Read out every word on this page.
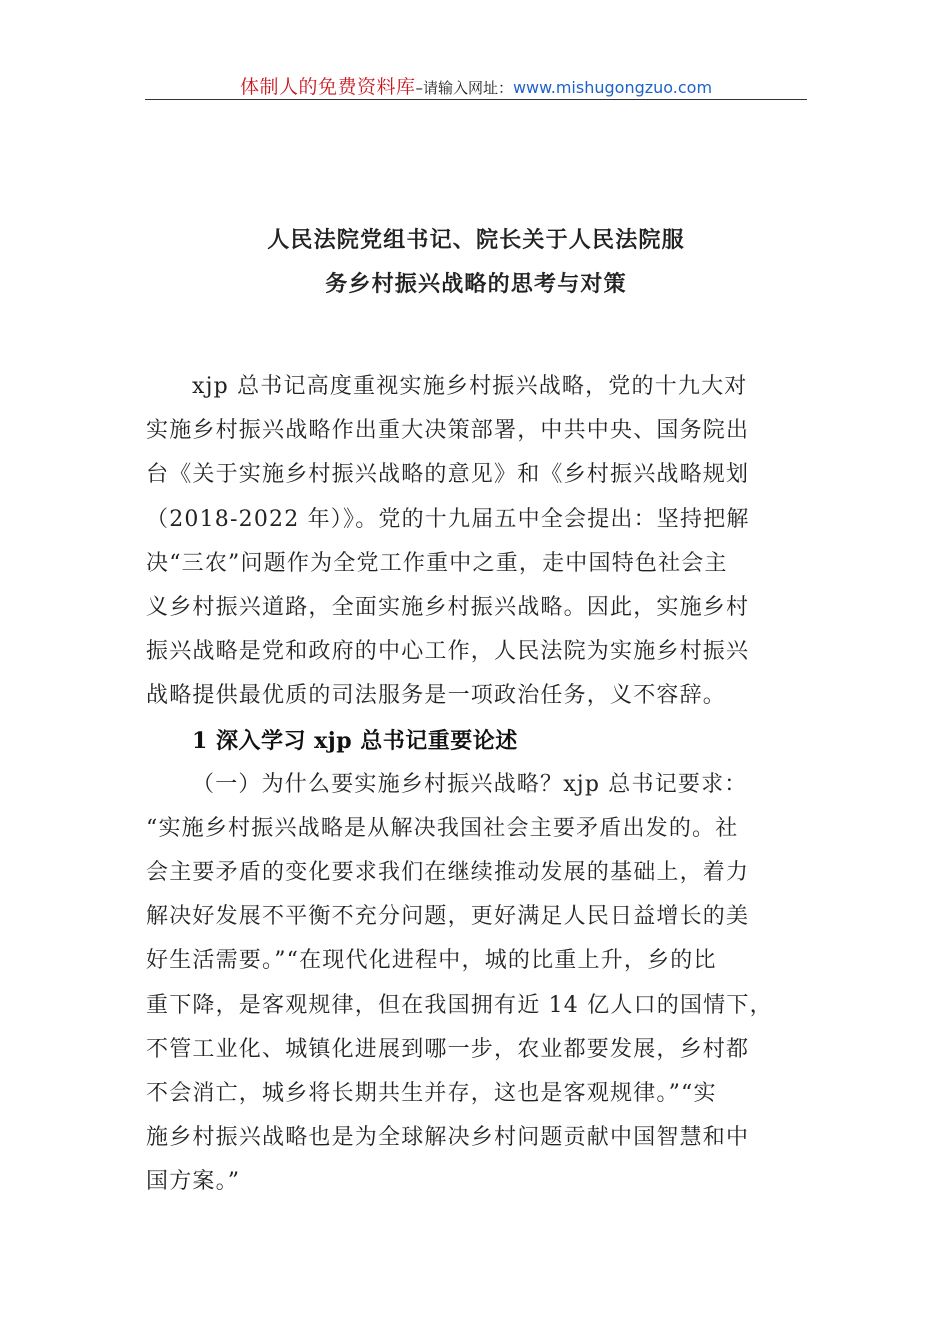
体制人的免费资料库–请输入网址：www.mishugongzuo.com
人民法院党组书记、院长关于人民法院服
务乡村振兴战略的思考与对策
xjp 总书记高度重视实施乡村振兴战略，党的十九大对
实施乡村振兴战略作出重大决策部署，中共中央、国务院出
台《关于实施乡村振兴战略的意见》和《乡村振兴战略规划
（2018-2022 年）》。党的十九届五中全会提出：坚持把解
决“三农”问题作为全党工作重中之重，走中国特色社会主
义乡村振兴道路，全面实施乡村振兴战略。因此，实施乡村
振兴战略是党和政府的中心工作，人民法院为实施乡村振兴
战略提供最优质的司法服务是一项政治任务，义不容辞。
1 深入学习 xjp 总书记重要论述
（一）为什么要实施乡村振兴战略？xjp 总书记要求：
“实施乡村振兴战略是从解决我国社会主要矛盾出发的。社
会主要矛盾的变化要求我们在继续推动发展的基础上，着力
解决好发展不平衡不充分问题，更好满足人民日益增长的美
好生活需要。”“在现代化进程中，城的比重上升，乡的比
重下降，是客观规律，但在我国拥有近 14 亿人口的国情下，
不管工业化、城镇化进展到哪一步，农业都要发展，乡村都
不会消亡，城乡将长期共生并存，这也是客观规律。”“实
施乡村振兴战略也是为全球解决乡村问题贡献中国智慧和中
国方案。”
